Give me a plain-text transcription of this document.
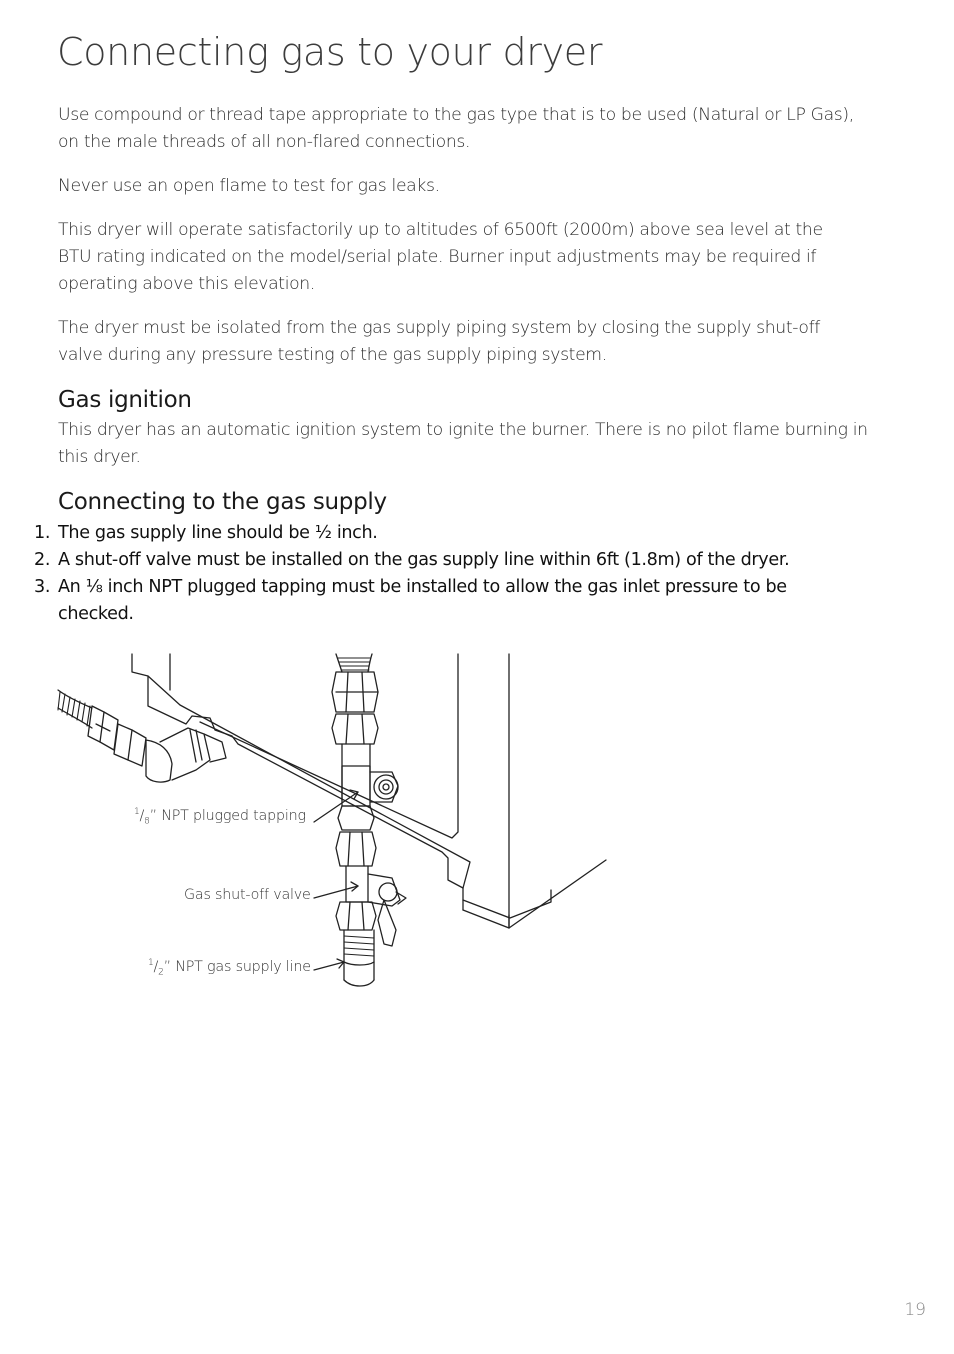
Connecting gas to your dryer

Use compound or thread tape appropriate to the gas type that is to be used (Natural or LP Gas), on the male threads of all non-flared connections.

Never use an open flame to test for gas leaks.

This dryer will operate satisfactorily up to altitudes of 6500ft (2000m) above sea level at the BTU rating indicated on the model/serial plate. Burner input adjustments may be required if operating above this elevation.

The dryer must be isolated from the gas supply piping system by closing the supply shut-off valve during any pressure testing of the gas supply piping system.

Gas ignition

This dryer has an automatic ignition system to ignite the burner. There is no pilot flame burning in this dryer.

Connecting to the gas supply
1. The gas supply line should be ½ inch.
2. A shut-off valve must be installed on the gas supply line within 6ft (1.8m) of the dryer.
3. An ⅛ inch NPT plugged tapping must be installed to allow the gas inlet pressure to be checked.
$^1/_8$” NPT plugged tapping
Gas shut-off valve
$^1/_2$” NPT gas supply line
19
